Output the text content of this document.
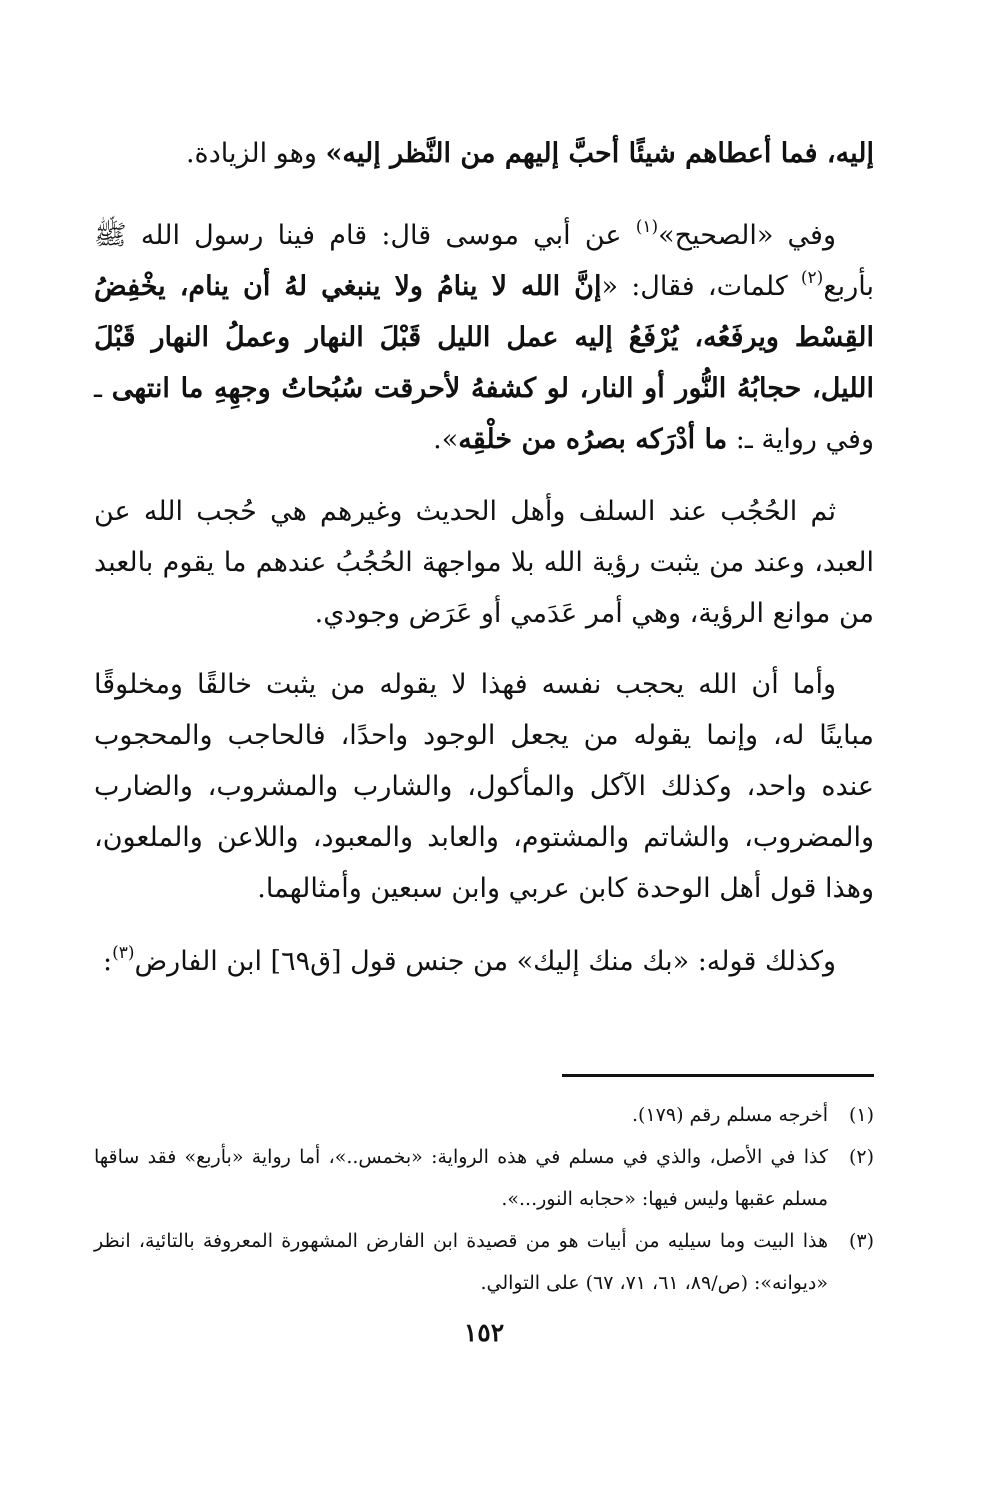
إليه، فما أعطاهم شيئًا أحبَّ إليهم من النَّظر إليه» وهو الزيادة.

وفي «الصحيح»$^{(١)}$ عن أبي موسى قال: قام فينا رسول الله ﷺ بأربع$^{(٢)}$ كلمات، فقال: «إنَّ الله لا ينامُ ولا ينبغي لهُ أن ينام، يخْفِضُ القِسْط ويرفَعُه، يُرْفَعُ إليه عمل الليل قَبْلَ النهار وعملُ النهار قَبْلَ الليل، حجابُهُ النُّور أو النار، لو كشفهُ لأحرقت سُبُحاتُ وجهِهِ ما انتهى ـ وفي رواية ـ: ما أدْرَكه بصرُه من خلْقِه».

ثم الحُجُب عند السلف وأهل الحديث وغيرهم هي حُجب الله عن العبد، وعند من يثبت رؤية الله بلا مواجهة الحُجُبُ عندهم ما يقوم بالعبد من موانع الرؤية، وهي أمر عَدَمي أو عَرَض وجودي.

وأما أن الله يحجب نفسه فهذا لا يقوله من يثبت خالقًا ومخلوقًا مباينًا له، وإنما يقوله من يجعل الوجود واحدًا، فالحاجب والمحجوب عنده واحد، وكذلك الآكل والمأكول، والشارب والمشروب، والضارب والمضروب، والشاتم والمشتوم، والعابد والمعبود، واللاعن والملعون، وهذا قول أهل الوحدة كابن عربي وابن سبعين وأمثالهما.

وكذلك قوله: «بك منك إليك» من جنس قول [ق٦٩] ابن الفارض$^{(٣)}$:

(١)
أخرجه مسلم رقم (١٧٩).

(٢)
كذا في الأصل، والذي في مسلم في هذه الرواية: «بخمس..»، أما رواية «بأربع» فقد ساقها مسلم عقبها وليس فيها: «حجابه النور...».

(٣)
هذا البيت وما سيليه من أبيات هو من قصيدة ابن الفارض المشهورة المعروفة بالتائية، انظر «ديوانه»: (ص/٨٩، ٦١، ٧١، ٦٧) على التوالي.

١٥٢
